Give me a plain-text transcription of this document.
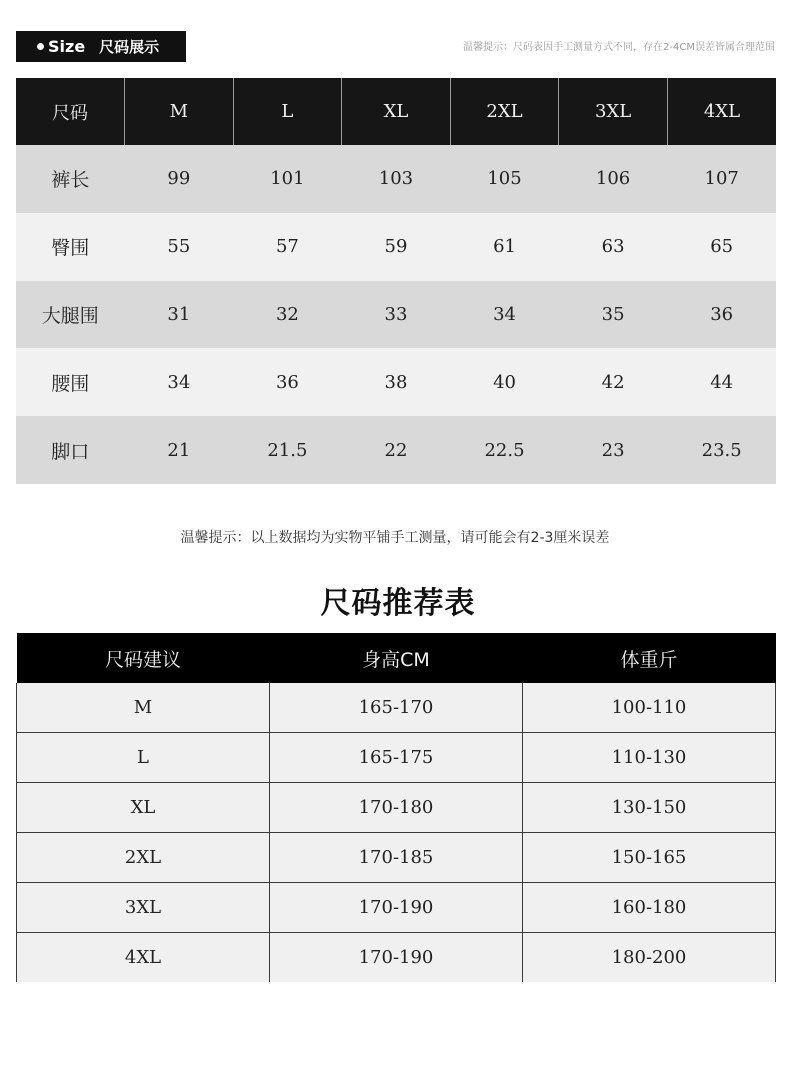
Size 尺码展示	温馨提示：尺码表因手工测量方式不同，存在2-4CM误差皆属合理范围
尺码	M	L	XL	2XL	3XL	4XL
裤长	99	101	103	105	106	107
臀围	55	57	59	61	63	65
大腿围	31	32	33	34	35	36
腰围	34	36	38	40	42	44
脚口	21	21.5	22	22.5	23	23.5
温馨提示：以上数据均为实物平铺手工测量，请可能会有2-3厘米误差
尺码推荐表
尺码建议	身高CM	体重斤
M	165-170	100-110
L	165-175	110-130
XL	170-180	130-150
2XL	170-185	150-165
3XL	170-190	160-180
4XL	170-190	180-200
